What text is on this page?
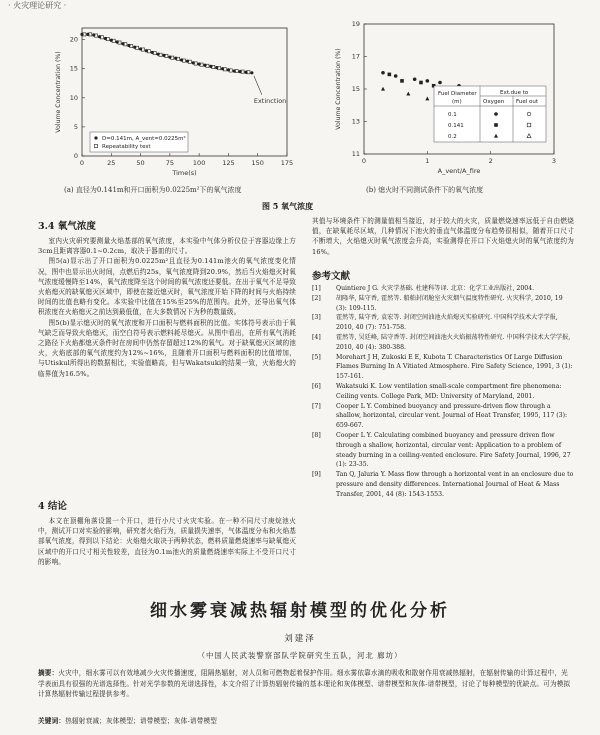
· 火灾理论研究 ·
0	25	50	75	100	125	150	175
0
5
10
15
20
Time(s)
Volume Concentration (%)	Extinction
D=0.141m, A_vent=0.0225m²
Repeatability test
(a) 直径为0.141m和开口面积为0.0225m²下的氧气浓度
0	1	2	3
11
13
15
17
19
A_vent/A_fire
Volume Concentration (%)	Fuel Diameter
(m)
Ext.due to
Oxygen Fuel out
0.1
0.141
0.2
(b) 熄火时不同测试条件下的氧气浓度
图 5 氧气浓度
3.4 氧气浓度

室内火灾研究要测量火焰基部的氧气浓度，本实验中气体分析仪位于容器边缘上方3cm且距离容器0.1~0.2cm，取决于器皿的尺寸。

图5(a)显示出了开口面积为0.0225m²且直径为0.141m池火的氧气浓度变化情况，图中也显示出火时间，点燃后约25s，氧气浓度降到20.9%，然后当火焰熄灭时氧气浓度缓慢降至14%，氧气浓度降至这个时间的氧气浓度还要低。在出于氧气不足导致火焰熄灭的缺氧熄灭区域中，即使在接近熄灭时，氧气浓度开始下降的时间与火焰持续时间的比值也略有变化。本实验中比值在15%至25%的范围内。此外，还导出氧气体积浓度在火焰熄灭之前达到最低值，在大多数情况下为秒的数量级。

图5(b)显示熄灭时的氧气浓度和开口面积与燃料面积的比值。实体符号表示由于氧气缺乏而导致火焰熄灭，而空白符号表示燃料耗尽熄灭。从图中看出，在所有氧气消耗之路径下火焰都熄灭条件时在房间中仍然存留超过12%的氧气。对于缺氧熄灭区域的池火，火焰底部的氧气浓度约为12%~16%，且随着开口面积与燃料面积的比值增加，与Utiskul所得出的数据相比，实验值略高，但与Wakatsuki的结果一致，火焰熄火的临界值为16.5%。

4 结论

本文在顶棚角落设置一个开口，进行小尺寸火灾实验。在一种不同尺寸庚烷池火中，测试开口对实验的影响，研究者火焰行为，质量损失速率，气体温度分布和火焰基部氧气浓度，得到以下结论：火焰熄火取决于两种状态，燃料质量燃烧速率与缺氧熄灭区域中的开口尺寸相关性较差，直径为0.1m池火的质量燃烧速率实际上不受开口尺寸的影响。

其值与环境条件下的测量值相当接近，对于较大的火灾，质量燃烧速率远低于自由燃烧值，在缺氧耗尽区域，几种情况下池火的垂直气体温度分布趋势很相似，随着开口尺寸不断增大，火焰熄灭时氧气浓度会升高，实验测得在开口下火焰熄火时的氧气浓度约为16%。
参考文献
[1]	Quintiere J G. 火灾学基础. 杜建科等译. 北京：化学工业出版社, 2004.
[2]	胡隆华, 陆守香, 霍然等. 船舶封闭舱室火灾烟气温度特性研究. 火灾科学, 2010, 19 (3): 109-115.
[3]	霍然等, 陆守香, 袁宏等. 封闭空间油池火焰熄灭实验研究. 中国科学技术大学学报, 2010, 40 (7): 751-758.
[4]	霍然等, 吴廷峰, 陆守香等. 封闭空间油池火火焰振荡特性研究. 中国科学技术大学学报, 2010, 40 (4): 380-388.
[5]	Morehart J H, Zukoski E E, Kubota T. Characteristics Of Large Diffusion Flames Burning In A Vitiated Atmosphere. Fire Safety Science, 1991, 3 (1): 157-161.
[6]	Wakatsuki K. Low ventilation small-scale compartment fire phenomena: Ceiling vents. College Park, MD: University of Maryland, 2001.
[7]	Cooper L Y. Combined buoyancy and pressure-driven flow through a shallow, horizontal, circular vent. Journal of Heat Transfer, 1995, 117 (3): 659-667.
[8]	Cooper L Y. Calculating combined buoyancy and pressure driven flow through a shallow, horizontal, circular vent: Application to a problem of steady burning in a ceiling-vented enclosure. Fire Safety Journal, 1996, 27 (1): 23-35.
[9]	Tan Q, Jaluria Y. Mass flow through a horizontal vent in an enclosure due to pressure and density differences. International Journal of Heat & Mass Transfer, 2001, 44 (8): 1543-1553.
细水雾衰减热辐射模型的优化分析
刘建泽
（中国人民武装警察部队学院研究生五队，河北 廊坊）
摘要：火灾中，细水雾可以有效地减少火灾传播速度，阻隔热辐射，对人员和可燃物起着保护作用。细水雾依靠水滴的吸收和散射作用衰减热辐射，在辐射传输的计算过程中，光学表面具有很强的光谱选择性。针对光学参数的光谱选择性，本文介绍了计算热辐射传输的基本理论和灰体模型、谱带模型和灰体-谱带模型，讨论了每种模型的优缺点。可为模拟计算热辐射传输过程提供参考。
关键词：热辐射衰减；灰体模型；谱带模型；灰体-谱带模型
